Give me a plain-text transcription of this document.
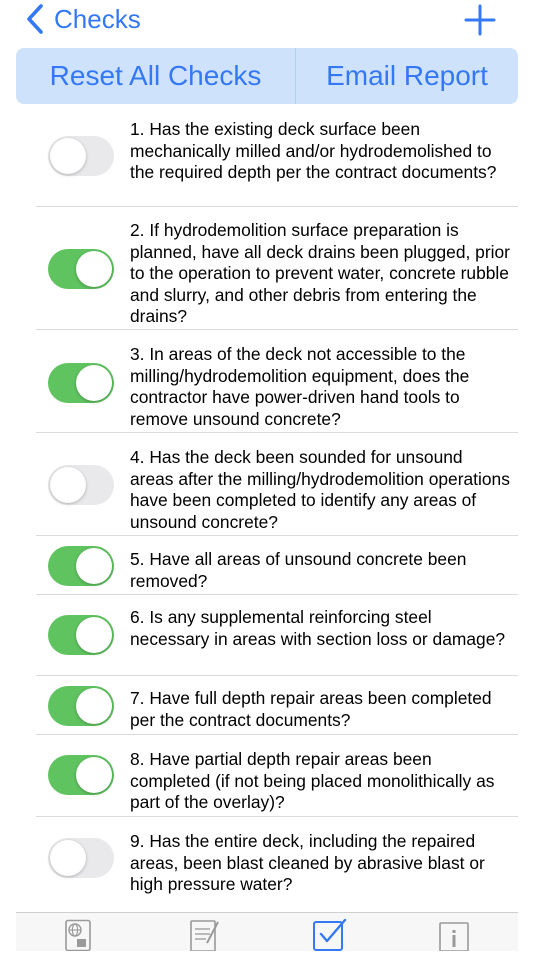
Checks
Reset All Checks	Email Report
1. Has the existing deck surface been mechanically milled and/or hydrodemolished to the required depth per the contract documents?
2. If hydrodemolition surface preparation is planned, have all deck drains been plugged, prior to the operation to prevent water, concrete rubble and slurry, and other debris from entering the drains?
3. In areas of the deck not accessible to the milling/hydrodemolition equipment, does the contractor have power-driven hand tools to remove unsound concrete?
4. Has the deck been sounded for unsound areas after the milling/hydrodemolition operations have been completed to identify any areas of unsound concrete?
5. Have all areas of unsound concrete been removed?
6. Is any supplemental reinforcing steel necessary in areas with section loss or damage?
7. Have full depth repair areas been completed per the contract documents?
8. Have partial depth repair areas been completed (if not being placed monolithically as part of the overlay)?
9. Has the entire deck, including the repaired areas, been blast cleaned by abrasive blast or high pressure water?
